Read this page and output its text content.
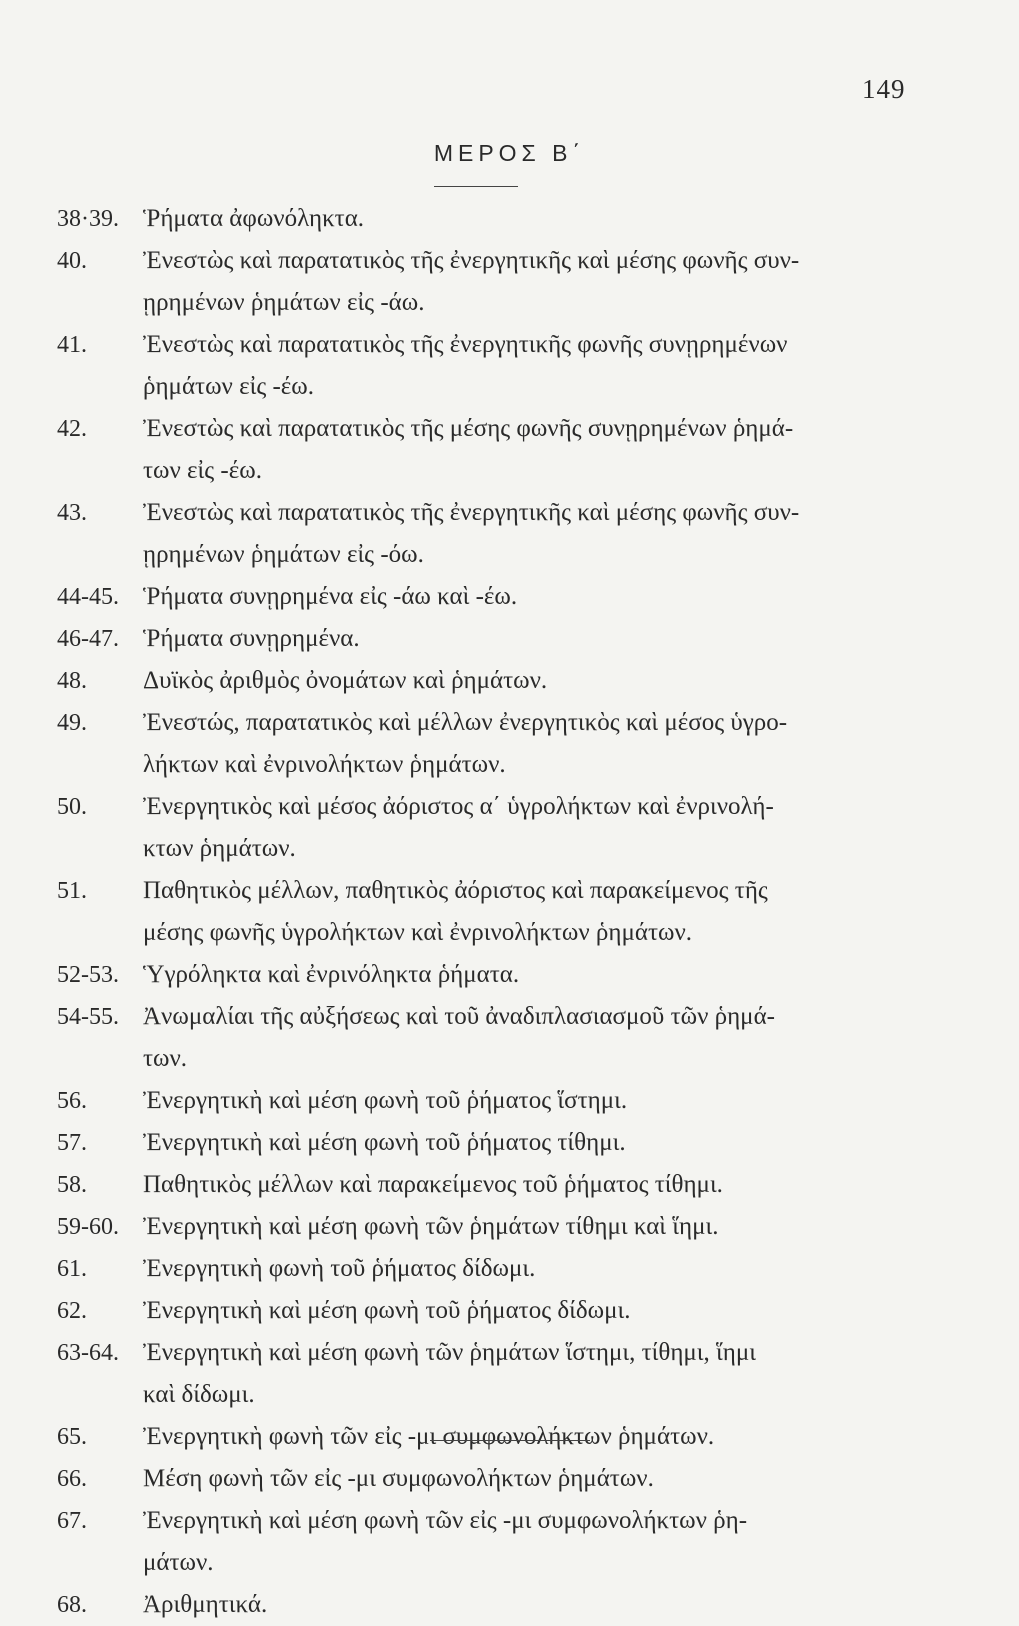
149
ΜΕΡΟΣ Β΄
38·39. Ῥήματα ἀφωνόληκτα.
40. Ἐνεστὼς καὶ παρατατικὸς τῆς ἐνεργητικῆς καὶ μέσης φωνῆς συν-
ῃρημένων ῥημάτων εἰς -άω.
41. Ἐνεστὼς καὶ παρατατικὸς τῆς ἐνεργητικῆς φωνῆς συνῃρημένων
ῥημάτων εἰς -έω.
42. Ἐνεστὼς καὶ παρατατικὸς τῆς μέσης φωνῆς συνῃρημένων ῥημά-
των εἰς -έω.
43. Ἐνεστὼς καὶ παρατατικὸς τῆς ἐνεργητικῆς καὶ μέσης φωνῆς συν-
ῃρημένων ῥημάτων εἰς -όω.
44-45. Ῥήματα συνῃρημένα εἰς -άω καὶ -έω.
46-47. Ῥήματα συνῃρημένα.
48. Δυϊκὸς ἀριθμὸς ὀνομάτων καὶ ῥημάτων.
49. Ἐνεστώς, παρατατικὸς καὶ μέλλων ἐνεργητικὸς καὶ μέσος ὑγρο-
λήκτων καὶ ἐνρινολήκτων ῥημάτων.
50. Ἐνεργητικὸς καὶ μέσος ἀόριστος α΄ ὑγρολήκτων καὶ ἐνρινολή-
κτων ῥημάτων.
51. Παθητικὸς μέλλων, παθητικὸς ἀόριστος καὶ παρακείμενος τῆς
μέσης φωνῆς ὑγρολήκτων καὶ ἐνρινολήκτων ῥημάτων.
52-53. Ὑγρόληκτα καὶ ἐνρινόληκτα ῥήματα.
54-55. Ἀνωμαλίαι τῆς αὐξήσεως καὶ τοῦ ἀναδιπλασιασμοῦ τῶν ῥημά-
των.
56. Ἐνεργητικὴ καὶ μέση φωνὴ τοῦ ῥήματος ἵστημι.
57. Ἐνεργητικὴ καὶ μέση φωνὴ τοῦ ῥήματος τίθημι.
58. Παθητικὸς μέλλων καὶ παρακείμενος τοῦ ῥήματος τίθημι.
59-60. Ἐνεργητικὴ καὶ μέση φωνὴ τῶν ῥημάτων τίθημι καὶ ἵημι.
61. Ἐνεργητικὴ φωνὴ τοῦ ῥήματος δίδωμι.
62. Ἐνεργητικὴ καὶ μέση φωνὴ τοῦ ῥήματος δίδωμι.
63-64. Ἐνεργητικὴ καὶ μέση φωνὴ τῶν ῥημάτων ἵστημι, τίθημι, ἵημι
καὶ δίδωμι.
65. Ἐνεργητικὴ φωνὴ τῶν εἰς -μι συμφωνολήκτων ῥημάτων.
66. Μέση φωνὴ τῶν εἰς -μι συμφωνολήκτων ῥημάτων.
67. Ἐνεργητικὴ καὶ μέση φωνὴ τῶν εἰς -μι συμφωνολήκτων ῥη-
μάτων.
68. Ἀριθμητικά.
